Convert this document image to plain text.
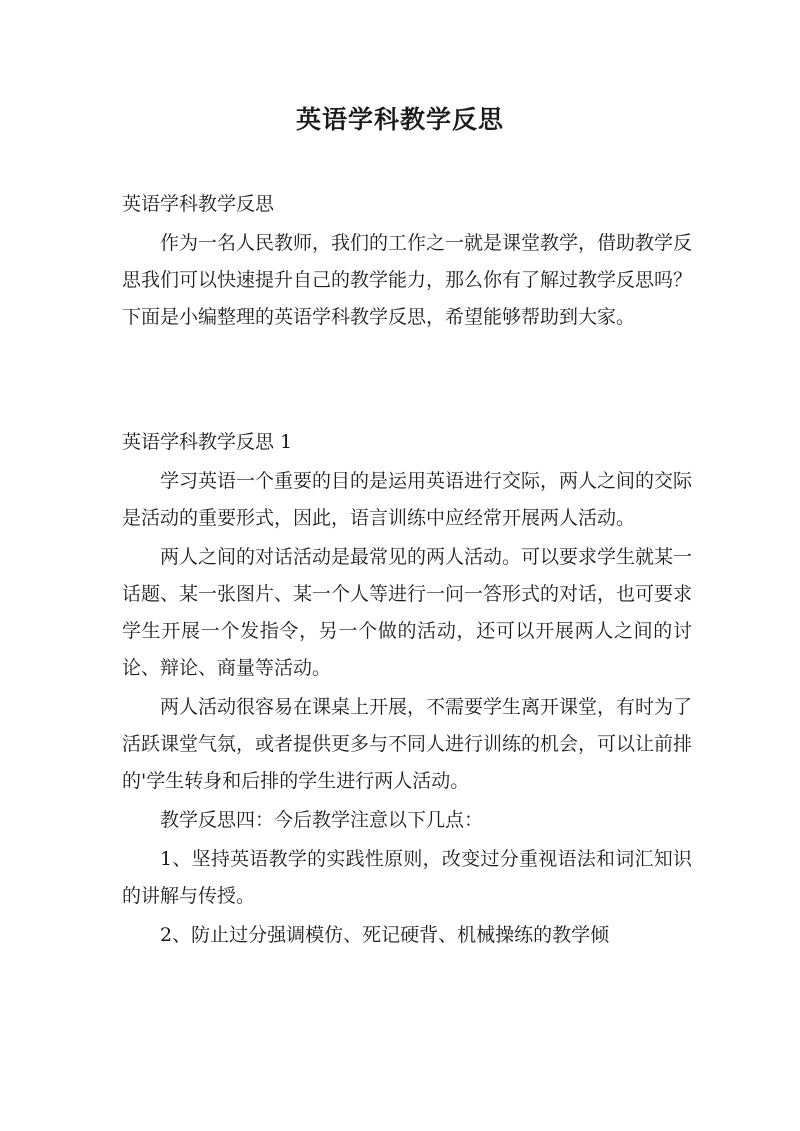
英语学科教学反思

英语学科教学反思

作为一名人民教师，我们的工作之一就是课堂教学，借助教学反思我们可以快速提升自己的教学能力，那么你有了解过教学反思吗？下面是小编整理的英语学科教学反思，希望能够帮助到大家。

英语学科教学反思 1

学习英语一个重要的目的是运用英语进行交际，两人之间的交际是活动的重要形式，因此，语言训练中应经常开展两人活动。

两人之间的对话活动是最常见的两人活动。可以要求学生就某一话题、某一张图片、某一个人等进行一问一答形式的对话，也可要求学生开展一个发指令，另一个做的活动，还可以开展两人之间的讨论、辩论、商量等活动。

两人活动很容易在课桌上开展，不需要学生离开课堂，有时为了活跃课堂气氛，或者提供更多与不同人进行训练的机会，可以让前排的'学生转身和后排的学生进行两人活动。

教学反思四：今后教学注意以下几点：

1、坚持英语教学的实践性原则，改变过分重视语法和词汇知识的讲解与传授。

2、防止过分强调模仿、死记硬背、机械操练的教学倾
